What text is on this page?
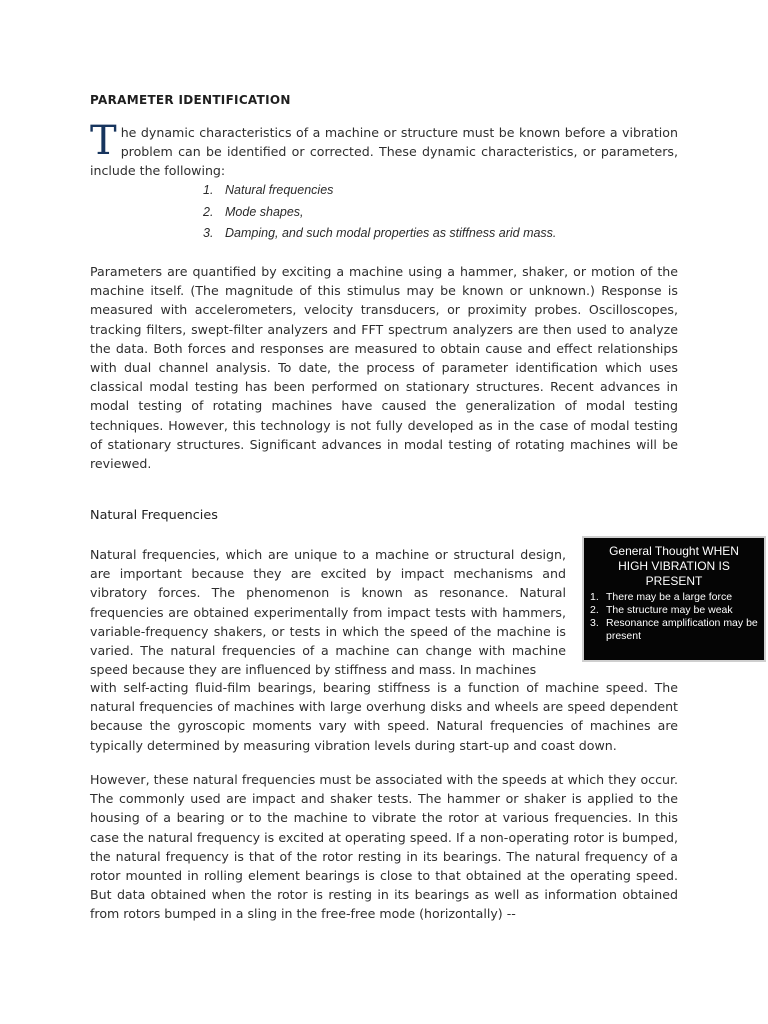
PARAMETER IDENTIFICATION
T he dynamic characteristics of a machine or structure must be known before a vibration problem can be identified or corrected. These dynamic characteristics, or parameters, include the following:
1. Natural frequencies
2. Mode shapes,
3. Damping, and such modal properties as stiffness arid mass.
Parameters are quantified by exciting a machine using a hammer, shaker, or motion of the machine itself. (The magnitude of this stimulus may be known or unknown.) Response is measured with accelerometers, velocity transducers, or proximity probes. Oscilloscopes, tracking filters, swept-filter analyzers and FFT spectrum analyzers are then used to analyze the data. Both forces and responses are measured to obtain cause and effect relationships with dual channel analysis. To date, the process of parameter identification which uses classical modal testing has been performed on stationary structures. Recent advances in modal testing of rotating machines have caused the generalization of modal testing techniques. However, this technology is not fully developed as in the case of modal testing of stationary structures. Significant advances in modal testing of rotating machines will be reviewed.
Natural Frequencies
Natural frequencies, which are unique to a machine or structural design, are important because they are excited by impact mechanisms and vibratory forces. The phenomenon is known as resonance. Natural frequencies are obtained experimentally from impact tests with hammers, variable-frequency shakers, or tests in which the speed of the machine is varied. The natural frequencies of a machine can change with machine speed because they are influenced by stiffness and mass. In machines
with self-acting fluid-film bearings, bearing stiffness is a function of machine speed. The natural frequencies of machines with large overhung disks and wheels are speed dependent because the gyroscopic moments vary with speed. Natural frequencies of machines are typically determined by measuring vibration levels during start-up and coast down.
However, these natural frequencies must be associated with the speeds at which they occur. The commonly used are impact and shaker tests. The hammer or shaker is applied to the housing of a bearing or to the machine to vibrate the rotor at various frequencies. In this case the natural frequency is excited at operating speed. If a non-operating rotor is bumped, the natural frequency is that of the rotor resting in its bearings. The natural frequency of a rotor mounted in rolling element bearings is close to that obtained at the operating speed. But data obtained when the rotor is resting in its bearings as well as information obtained from rotors bumped in a sling in the free-free mode (horizontally) --
General Thought WHEN HIGH VIBRATION IS PRESENT
1. There may be a large force
2. The structure may be weak
3. Resonance amplification may be present
